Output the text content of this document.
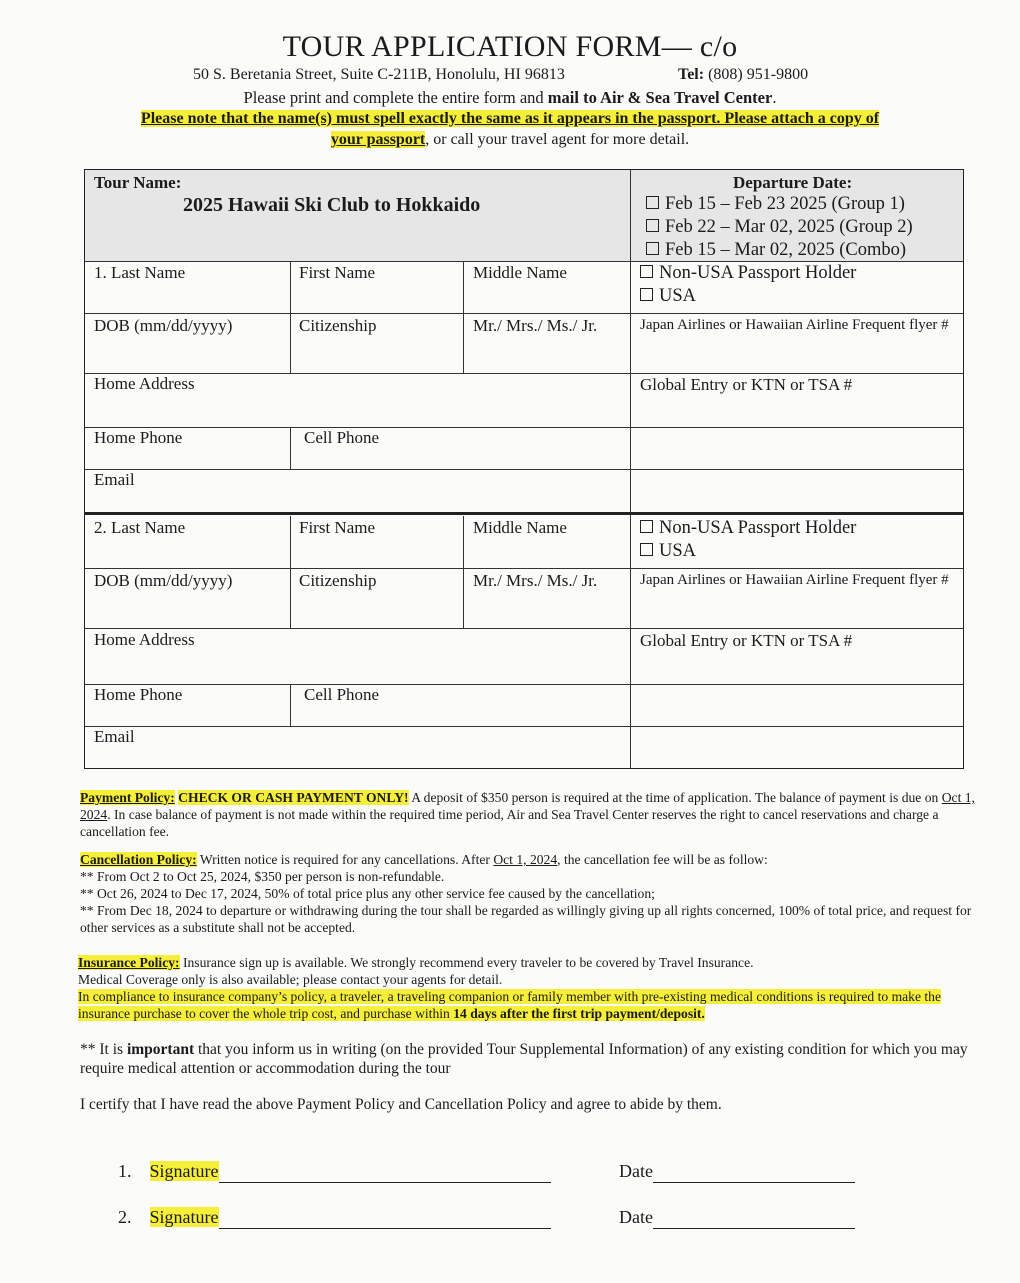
TOUR APPLICATION FORM— c/o
50 S. Beretania Street, Suite C-211B, Honolulu, HI 96813	Tel: (808) 951-9800
Please print and complete the entire form and mail to Air & Sea Travel Center.
Please note that the name(s) must spell exactly the same as it appears in the passport. Please attach a copy of
your passport, or call your travel agent for more detail.
Tour Name:
2025 Hawaii Ski Club to Hokkaido
Departure Date:
Feb 15 – Feb 23 2025 (Group 1)
Feb 22 – Mar 02, 2025 (Group 2)
Feb 15 – Mar 02, 2025 (Combo)
1. Last Name	First Name	Middle Name	Non-USA Passport Holder
USA
DOB (mm/dd/yyyy)	Citizenship	Mr./ Mrs./ Ms./ Jr.	Japan Airlines or Hawaiian Airline Frequent flyer #
Home Address	Global Entry or KTN or TSA #
Home Phone	Cell Phone
Email
2. Last Name	First Name	Middle Name	Non-USA Passport Holder
USA
DOB (mm/dd/yyyy)	Citizenship	Mr./ Mrs./ Ms./ Jr.	Japan Airlines or Hawaiian Airline Frequent flyer #
Home Address	Global Entry or KTN or TSA #
Home Phone	Cell Phone
Email
Payment Policy: CHECK OR CASH PAYMENT ONLY! A deposit of $350 person is required at the time of application. The balance of payment is due on Oct 1, 2024. In case balance of payment is not made within the required time period, Air and Sea Travel Center reserves the right to cancel reservations and charge a cancellation fee.
Cancellation Policy: Written notice is required for any cancellations. After Oct 1, 2024, the cancellation fee will be as follow:
** From Oct 2 to Oct 25, 2024, $350 per person is non-refundable.
** Oct 26, 2024 to Dec 17, 2024, 50% of total price plus any other service fee caused by the cancellation;
** From Dec 18, 2024 to departure or withdrawing during the tour shall be regarded as willingly giving up all rights concerned, 100% of total price, and request for other services as a substitute shall not be accepted.
Insurance Policy: Insurance sign up is available. We strongly recommend every traveler to be covered by Travel Insurance.
Medical Coverage only is also available; please contact your agents for detail.
In compliance to insurance company’s policy, a traveler, a traveling companion or family member with pre-existing medical conditions is required to make the insurance purchase to cover the whole trip cost, and purchase within 14 days after the first trip payment/deposit.
** It is important that you inform us in writing (on the provided Tour Supplemental Information) of any existing condition for which you may require medical attention or accommodation during the tour
I certify that I have read the above Payment Policy and Cancellation Policy and agree to abide by them.
1. Signature	Date
2. Signature	Date
